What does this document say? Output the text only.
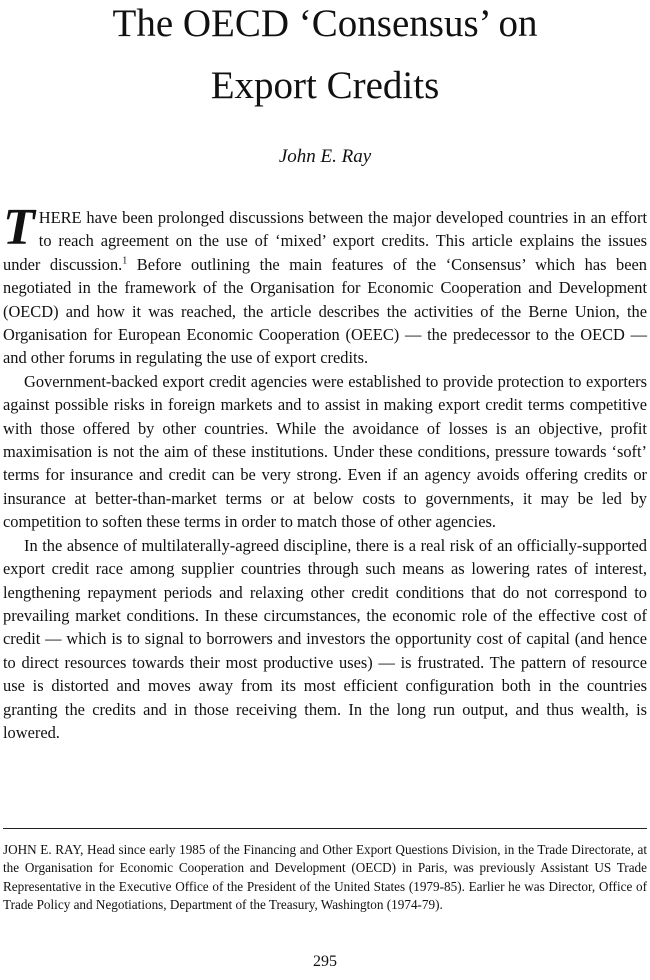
The OECD ‘Consensus’ on
Export Credits
John E. Ray

THERE have been prolonged discussions between the major developed countries in an effort to reach agreement on the use of ‘mixed’ export credits. This article explains the issues under discussion.$^1$ Before outlining the main features of the ‘Consensus’ which has been negotiated in the framework of the Organisation for Economic Cooperation and Development (OECD) and how it was reached, the article describes the activities of the Berne Union, the Organisation for European Economic Cooperation (OEEC) — the predecessor to the OECD — and other forums in regulating the use of export credits.

Government-backed export credit agencies were established to provide protection to exporters against possible risks in foreign markets and to assist in making export credit terms competitive with those offered by other countries. While the avoidance of losses is an objective, profit maximisation is not the aim of these institutions. Under these conditions, pressure towards ‘soft’ terms for insurance and credit can be very strong. Even if an agency avoids offering credits or insurance at better-than-market terms or at below costs to governments, it may be led by competition to soften these terms in order to match those of other agencies.

In the absence of multilaterally-agreed discipline, there is a real risk of an officially-supported export credit race among supplier countries through such means as lowering rates of interest, lengthening repayment periods and relaxing other credit conditions that do not correspond to prevailing market conditions. In these circumstances, the economic role of the effective cost of credit — which is to signal to borrowers and investors the opportunity cost of capital (and hence to direct resources towards their most productive uses) — is frustrated. The pattern of resource use is distorted and moves away from its most efficient configuration both in the countries granting the credits and in those receiving them. In the long run output, and thus wealth, is lowered.

JOHN E. RAY, Head since early 1985 of the Financing and Other Export Questions Division, in the Trade Directorate, at the Organisation for Economic Cooperation and Development (OECD) in Paris, was previously Assistant US Trade Representative in the Executive Office of the President of the United States (1979-85). Earlier he was Director, Office of Trade Policy and Negotiations, Department of the Treasury, Washington (1974-79).

295
